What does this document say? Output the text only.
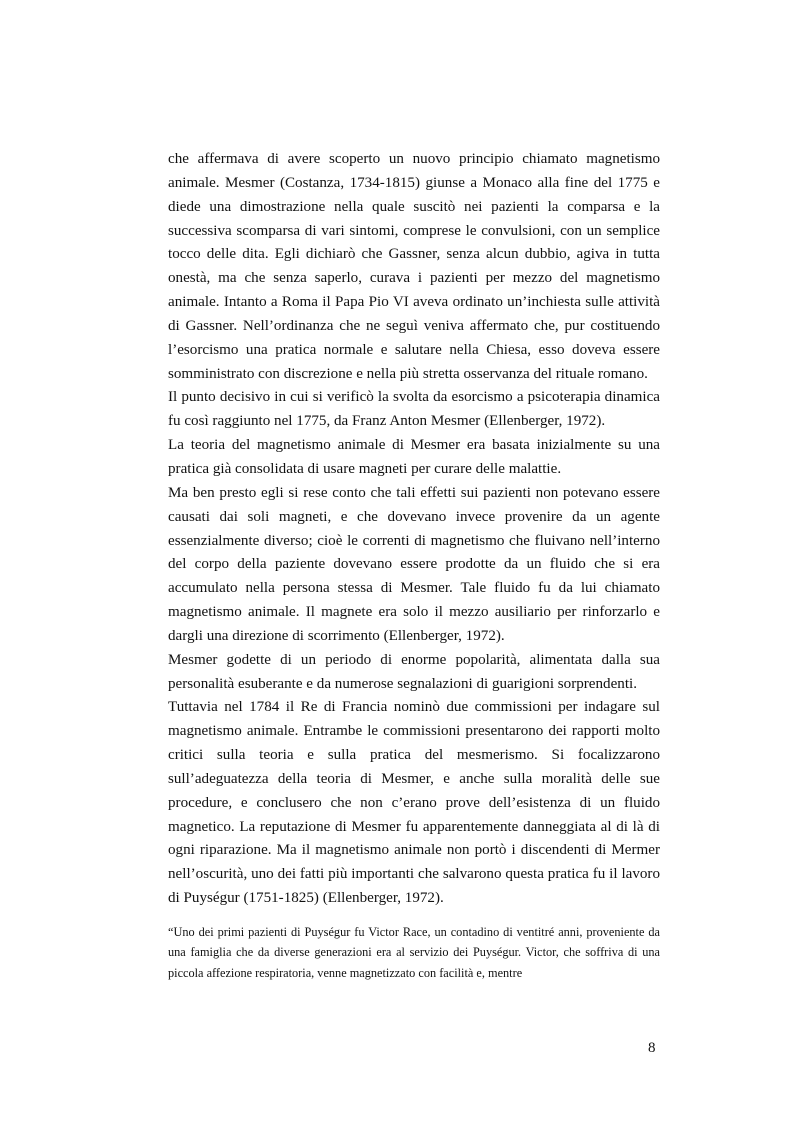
che affermava di avere scoperto un nuovo principio chiamato magnetismo animale. Mesmer (Costanza, 1734-1815) giunse a Monaco alla fine del 1775 e diede una dimostrazione nella quale suscitò nei pazienti la comparsa e la successiva scomparsa di vari sintomi, comprese le convulsioni, con un semplice tocco delle dita. Egli dichiarò che Gassner, senza alcun dubbio, agiva in tutta onestà, ma che senza saperlo, curava i pazienti per mezzo del magnetismo animale. Intanto a Roma il Papa Pio VI aveva ordinato un’inchiesta sulle attività di Gassner. Nell’ordinanza che ne seguì veniva affermato che, pur costituendo l’esorcismo una pratica normale e salutare nella Chiesa, esso doveva essere somministrato con discrezione e nella più stretta osservanza del rituale romano.

Il punto decisivo in cui si verificò la svolta da esorcismo a psicoterapia dinamica fu così raggiunto nel 1775, da Franz Anton Mesmer (Ellenberger, 1972).

La teoria del magnetismo animale di Mesmer era basata inizialmente su una pratica già consolidata di usare magneti per curare delle malattie.

Ma ben presto egli si rese conto che tali effetti sui pazienti non potevano essere causati dai soli magneti, e che dovevano invece provenire da un agente essenzialmente diverso; cioè le correnti di magnetismo che fluivano nell’interno del corpo della paziente dovevano essere prodotte da un fluido che si era accumulato nella persona stessa di Mesmer. Tale fluido fu da lui chiamato magnetismo animale. Il magnete era solo il mezzo ausiliario per rinforzarlo e dargli una direzione di scorrimento (Ellenberger, 1972).

Mesmer godette di un periodo di enorme popolarità, alimentata dalla sua personalità esuberante e da numerose segnalazioni di guarigioni sorprendenti.

Tuttavia nel 1784 il Re di Francia nominò due commissioni per indagare sul magnetismo animale. Entrambe le commissioni presentarono dei rapporti molto critici sulla teoria e sulla pratica del mesmerismo. Si focalizzarono sull’adeguatezza della teoria di Mesmer, e anche sulla moralità delle sue procedure, e conclusero che non c’erano prove dell’esistenza di un fluido magnetico. La reputazione di Mesmer fu apparentemente danneggiata al di là di ogni riparazione. Ma il magnetismo animale non portò i discendenti di Mermer nell’oscurità, uno dei fatti più importanti che salvarono questa pratica fu il lavoro di Puységur (1751-1825) (Ellenberger, 1972).

“Uno dei primi pazienti di Puységur fu Victor Race, un contadino di ventitré anni, proveniente da una famiglia che da diverse generazioni era al servizio dei Puységur. Victor, che soffriva di una piccola affezione respiratoria, venne magnetizzato con facilità e, mentre

8
